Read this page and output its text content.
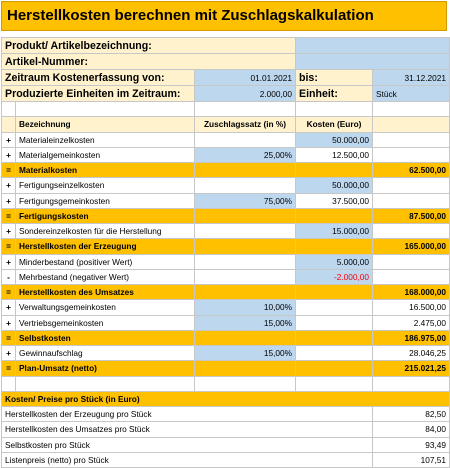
Herstellkosten berechnen mit Zuschlagskalkulation
Produkt/ Artikelbezeichnung:				
Artikel-Nummer:				
Zeitraum Kostenerfassung von:		01.01.2021	bis:	31.12.2021
Produzierte Einheiten im Zeitraum:		2.000,00	Einheit:	Stück

	Bezeichnung	Zuschlagssatz (in %)	Kosten (Euro)	
+	Materialeinzelkosten		50.000,00	
+	Materialgemeinkosten	25,00%	12.500,00	
=	Materialkosten			62.500,00
+	Fertigungseinzelkosten		50.000,00	
+	Fertigungsgemeinkosten	75,00%	37.500,00	
=	Fertigungskosten			87.500,00
+	Sondereinzelkosten für die Herstellung		15.000,00	
=	Herstellkosten der Erzeugung			165.000,00
+	Minderbestand (positiver Wert)		5.000,00	
-	Mehrbestand (negativer Wert)		-2.000,00	
=	Herstellkosten des Umsatzes			168.000,00
+	Verwaltungsgemeinkosten	10,00%		16.500,00
+	Vertriebsgemeinkosten	15,00%		2.475,00
=	Selbstkosten			186.975,00
+	Gewinnaufschlag	15,00%		28.046,25
=	Plan-Umsatz (netto)			215.021,25

Kosten/ Preise pro Stück (in Euro)				
Herstellkosten der Erzeugung pro Stück				82,50
Herstellkosten des Umsatzes pro Stück				84,00
Selbstkosten pro Stück				93,49
Listenpreis (netto) pro Stück				107,51
